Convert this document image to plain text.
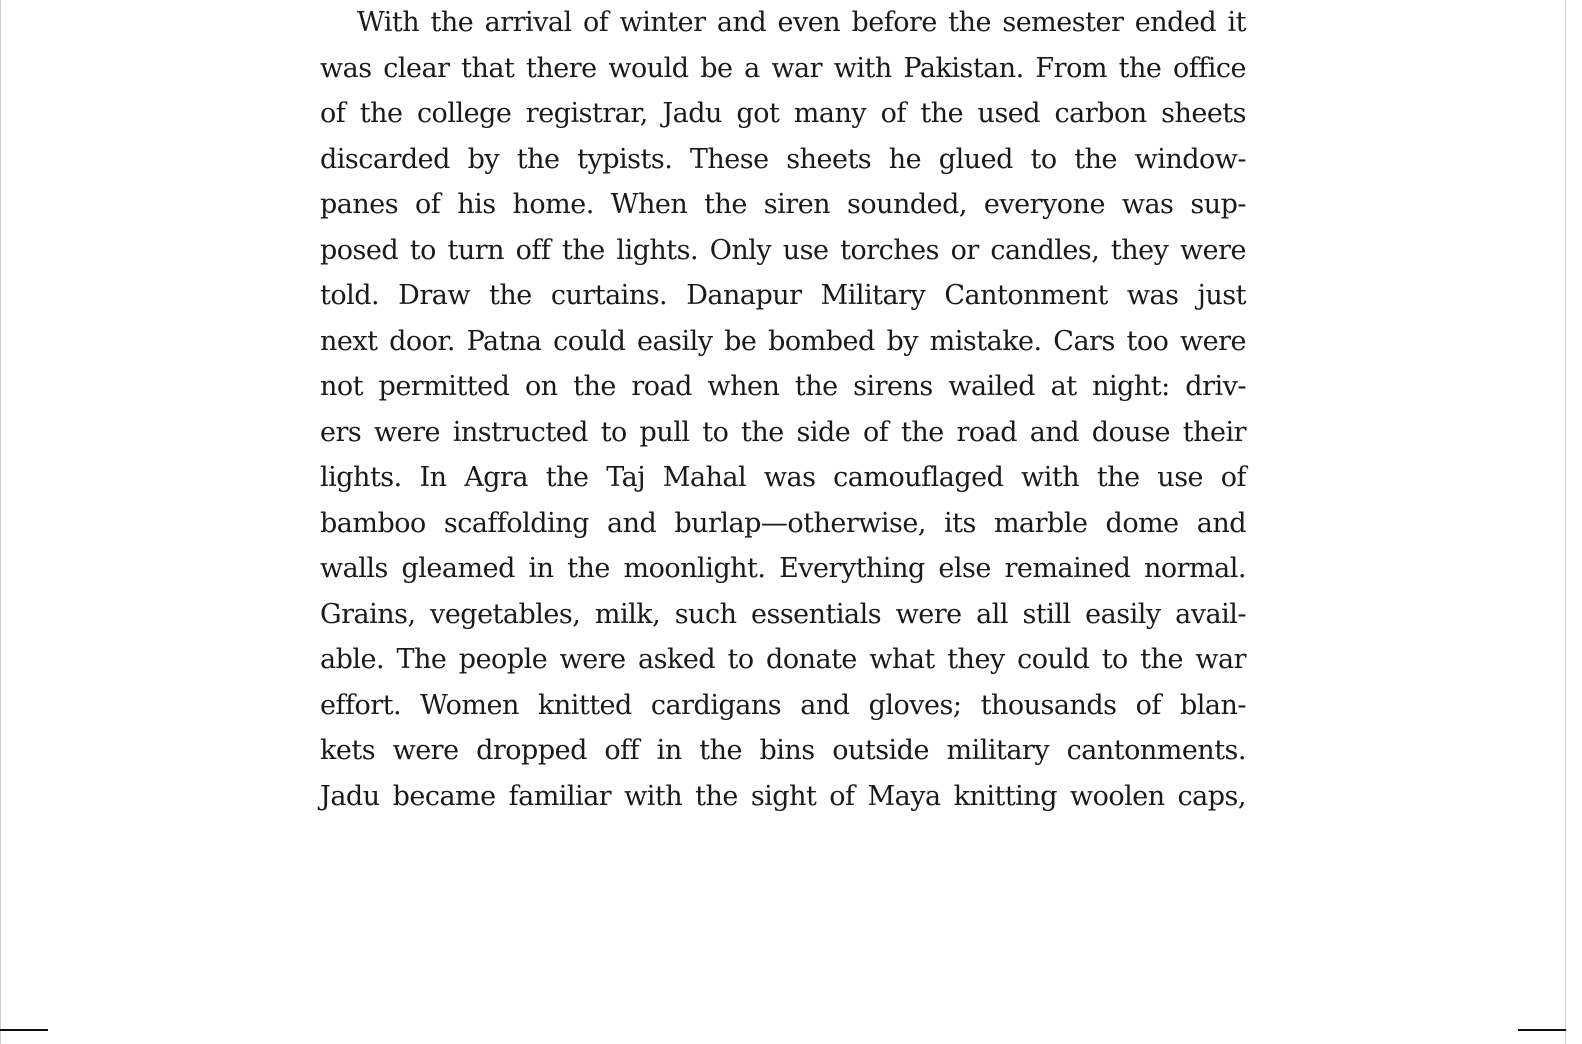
With the arrival of winter and even before the semester ended it
was clear that there would be a war with Pakistan. From the office
of the college registrar, Jadu got many of the used carbon sheets
discarded by the typists. These sheets he glued to the window-
panes of his home. When the siren sounded, everyone was sup-
posed to turn off the lights. Only use torches or candles, they were
told. Draw the curtains. Danapur Military Cantonment was just
next door. Patna could easily be bombed by mistake. Cars too were
not permitted on the road when the sirens wailed at night: driv-
ers were instructed to pull to the side of the road and douse their
lights. In Agra the Taj Mahal was camouflaged with the use of
bamboo scaffolding and burlap—otherwise, its marble dome and
walls gleamed in the moonlight. Everything else remained normal.
Grains, vegetables, milk, such essentials were all still easily avail-
able. The people were asked to donate what they could to the war
effort. Women knitted cardigans and gloves; thousands of blan-
kets were dropped off in the bins outside military cantonments.
Jadu became familiar with the sight of Maya knitting woolen caps,
